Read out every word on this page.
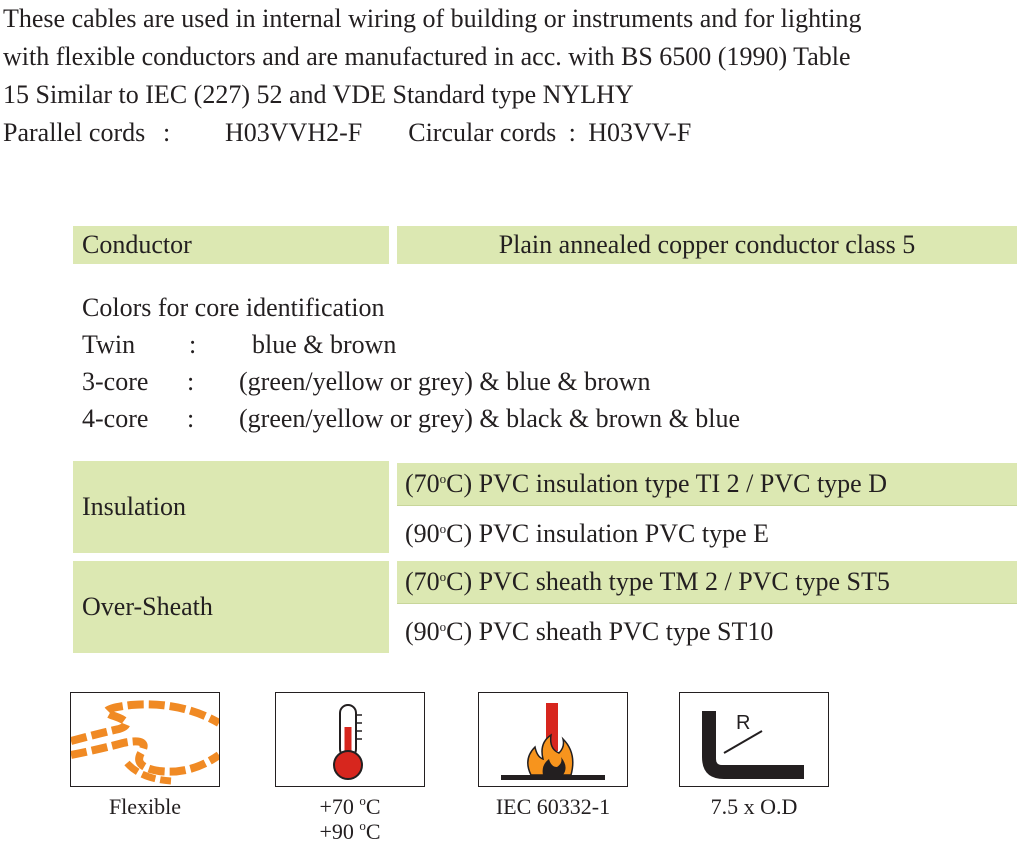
These cables are used in internal wiring of building or instruments and for lighting

with flexible conductors and are manufactured in acc. with BS 6500 (1990) Table

15 Similar to IEC (227) 52 and VDE Standard type NYLHY

Parallel cords : H03VVH2-F Circular cords : H03VV-F

Conductor	Plain annealed copper conductor class 5

Colors for core identification

Twin : blue & brown

3-core : (green/yellow or grey) & blue & brown

4-core : (green/yellow or grey) & black & brown & blue

Insulation
(70$^o$C) PVC insulation type TI 2 / PVC type D
(90$^o$C) PVC insulation PVC type E
Over-Sheath
(70$^o$C) PVC sheath type TM 2 / PVC type ST5
(90$^o$C) PVC sheath PVC type ST10
Flexible	+70 $^o$C
+90 $^o$C
IEC 60332-1
R
7.5 x O.D
